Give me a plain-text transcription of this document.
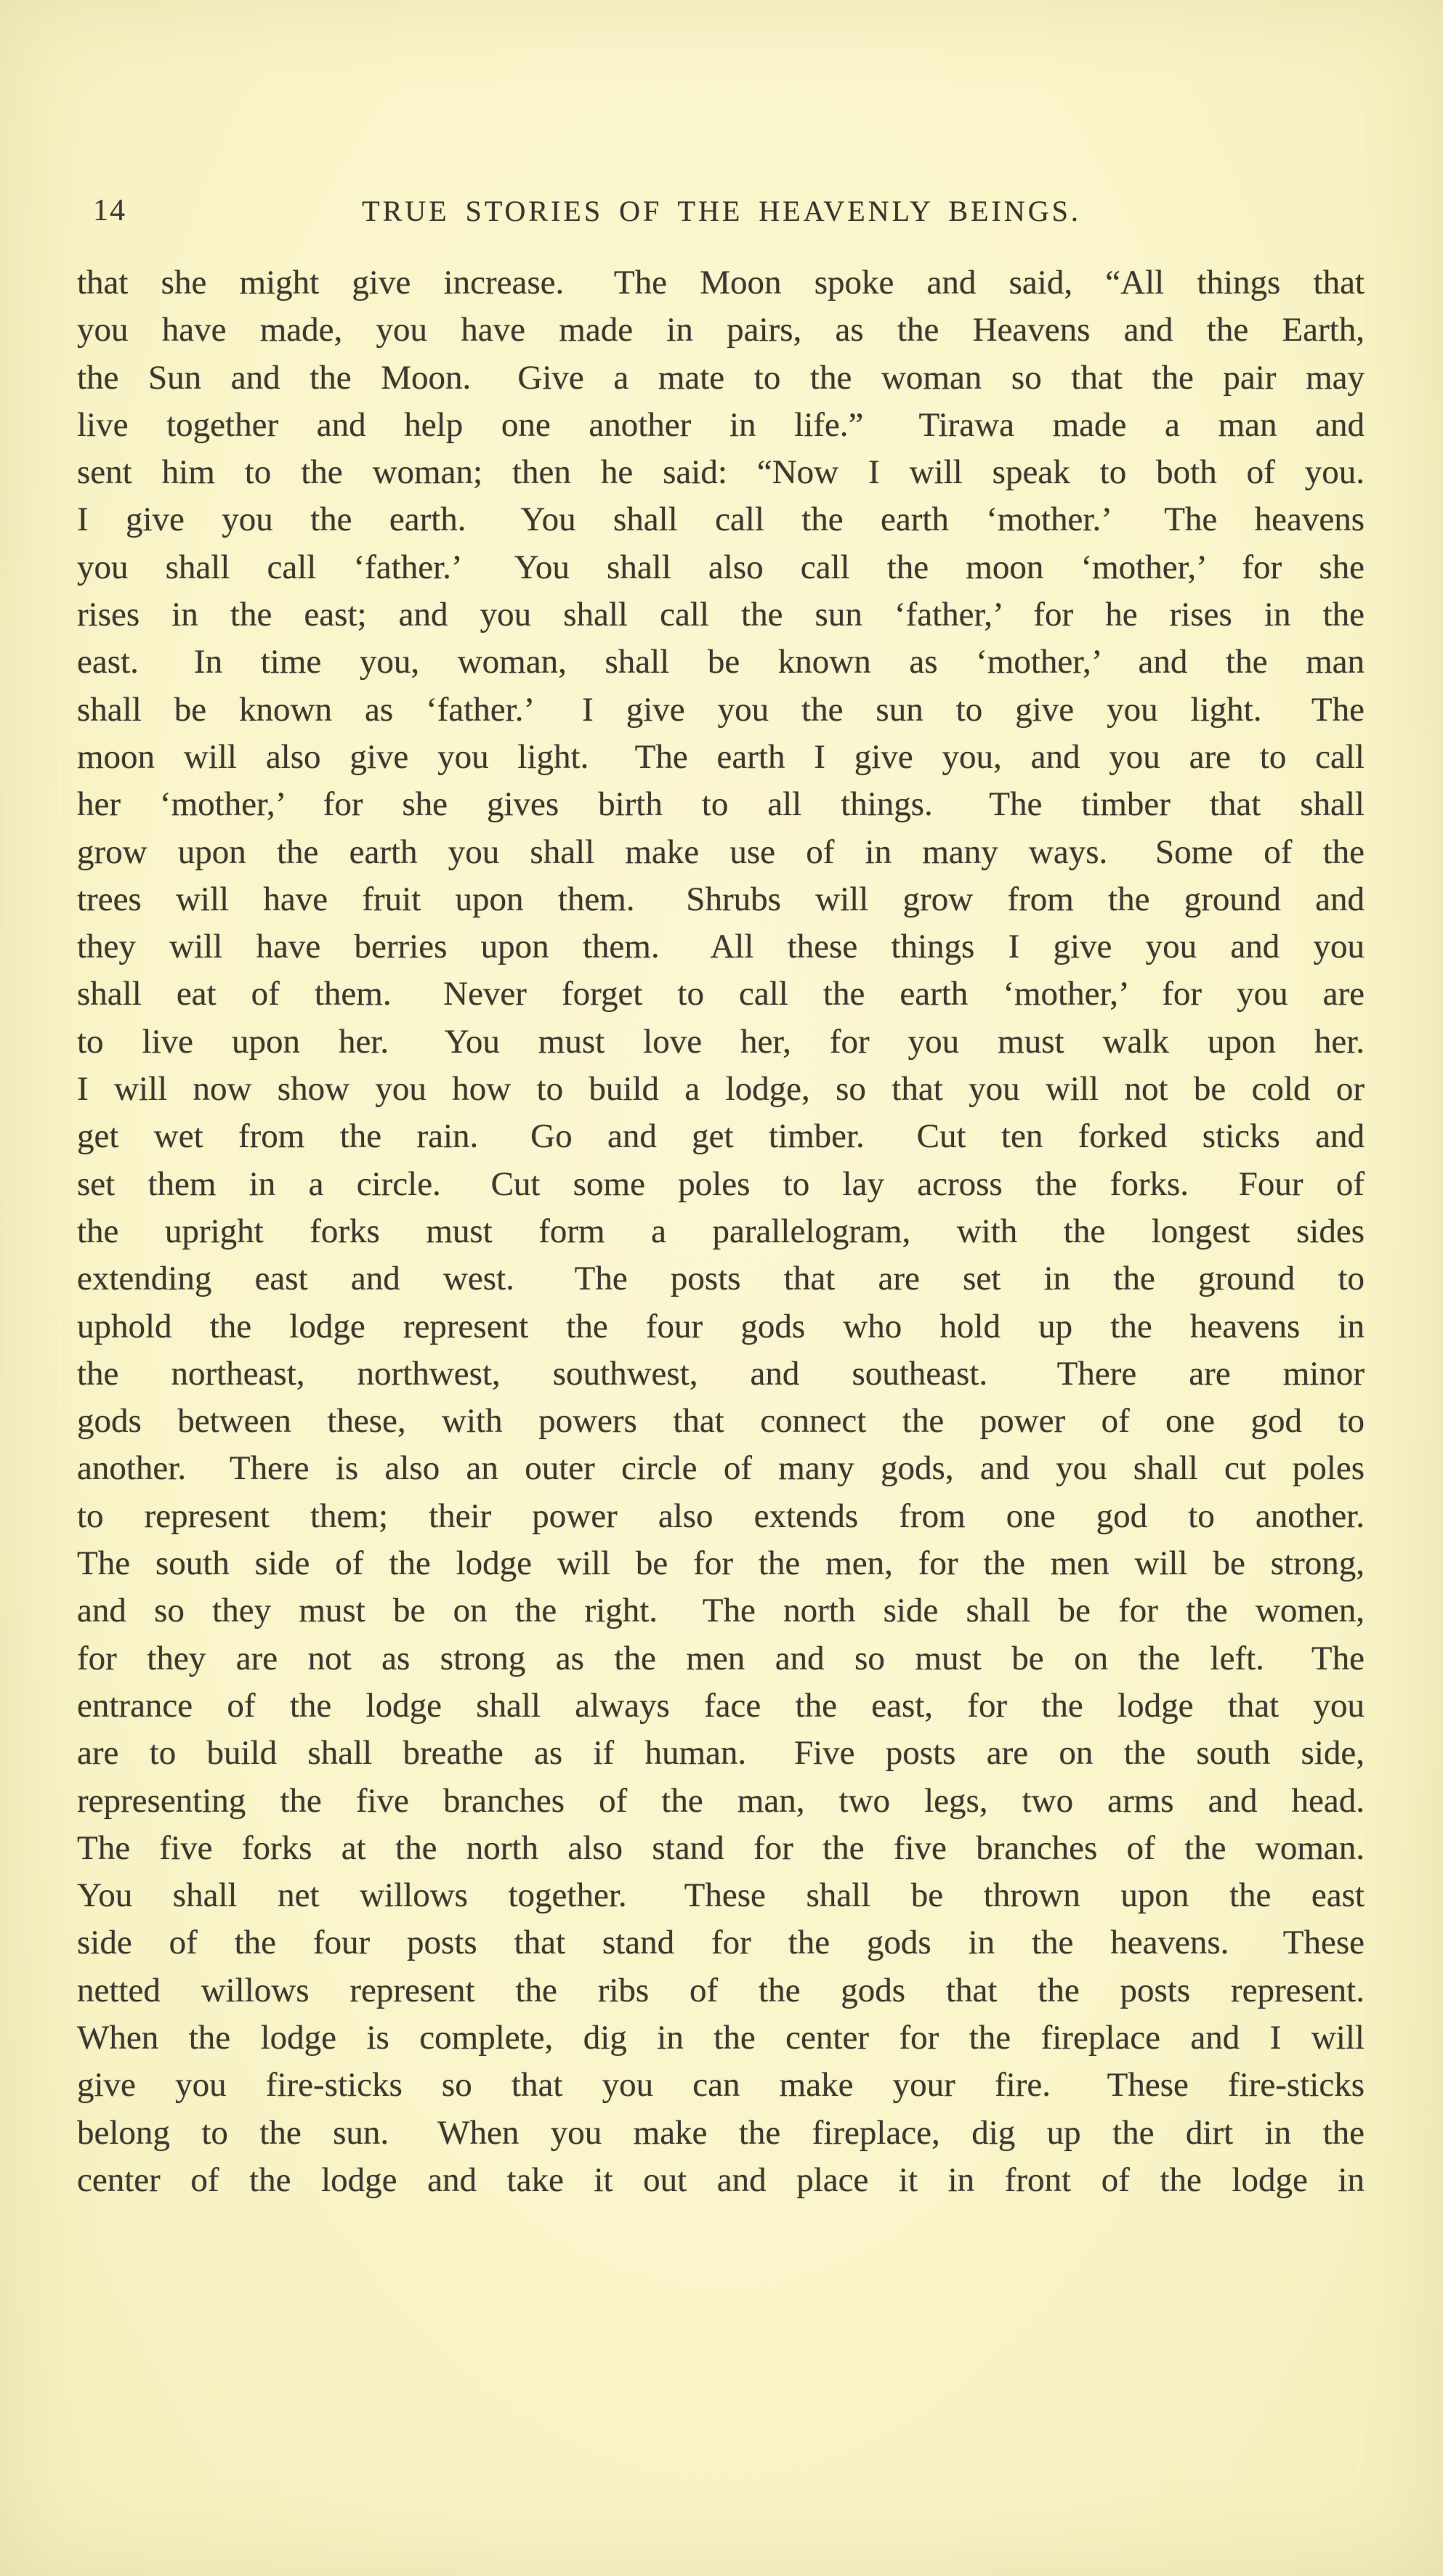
14	TRUE STORIES OF THE HEAVENLY BEINGS.
that she might give increase.  The Moon spoke and said, “All things that
you have made, you have made in pairs, as the Heavens and the Earth,
the Sun and the Moon.  Give a mate to the woman so that the pair may
live together and help one another in life.”  Tirawa made a man and
sent him to the woman; then he said: “Now I will speak to both of you.
I give you the earth.  You shall call the earth ‘mother.’  The heavens
you shall call ‘father.’  You shall also call the moon ‘mother,’ for she
rises in the east; and you shall call the sun ‘father,’ for he rises in the
east.  In time you, woman, shall be known as ‘mother,’ and the man
shall be known as ‘father.’  I give you the sun to give you light.  The
moon will also give you light.  The earth I give you, and you are to call
her ‘mother,’ for she gives birth to all things.  The timber that shall
grow upon the earth you shall make use of in many ways.  Some of the
trees will have fruit upon them.  Shrubs will grow from the ground and
they will have berries upon them.  All these things I give you and you
shall eat of them.  Never forget to call the earth ‘mother,’ for you are
to live upon her.  You must love her, for you must walk upon her.
I will now show you how to build a lodge, so that you will not be cold or
get wet from the rain.  Go and get timber.  Cut ten forked sticks and
set them in a circle.  Cut some poles to lay across the forks.  Four of
the upright forks must form a parallelogram, with the longest sides
extending east and west.  The posts that are set in the ground to
uphold the lodge represent the four gods who hold up the heavens in
the northeast, northwest, southwest, and southeast.  There are minor
gods between these, with powers that connect the power of one god to
another.  There is also an outer circle of many gods, and you shall cut poles
to represent them; their power also extends from one god to another.
The south side of the lodge will be for the men, for the men will be strong,
and so they must be on the right.  The north side shall be for the women,
for they are not as strong as the men and so must be on the left.  The
entrance of the lodge shall always face the east, for the lodge that you
are to build shall breathe as if human.  Five posts are on the south side,
representing the five branches of the man, two legs, two arms and head.
The five forks at the north also stand for the five branches of the woman.
You shall net willows together.  These shall be thrown upon the east
side of the four posts that stand for the gods in the heavens.  These
netted willows represent the ribs of the gods that the posts represent.
When the lodge is complete, dig in the center for the fireplace and I will
give you fire-sticks so that you can make your fire.  These fire-sticks
belong to the sun.  When you make the fireplace, dig up the dirt in the
center of the lodge and take it out and place it in front of the lodge in
